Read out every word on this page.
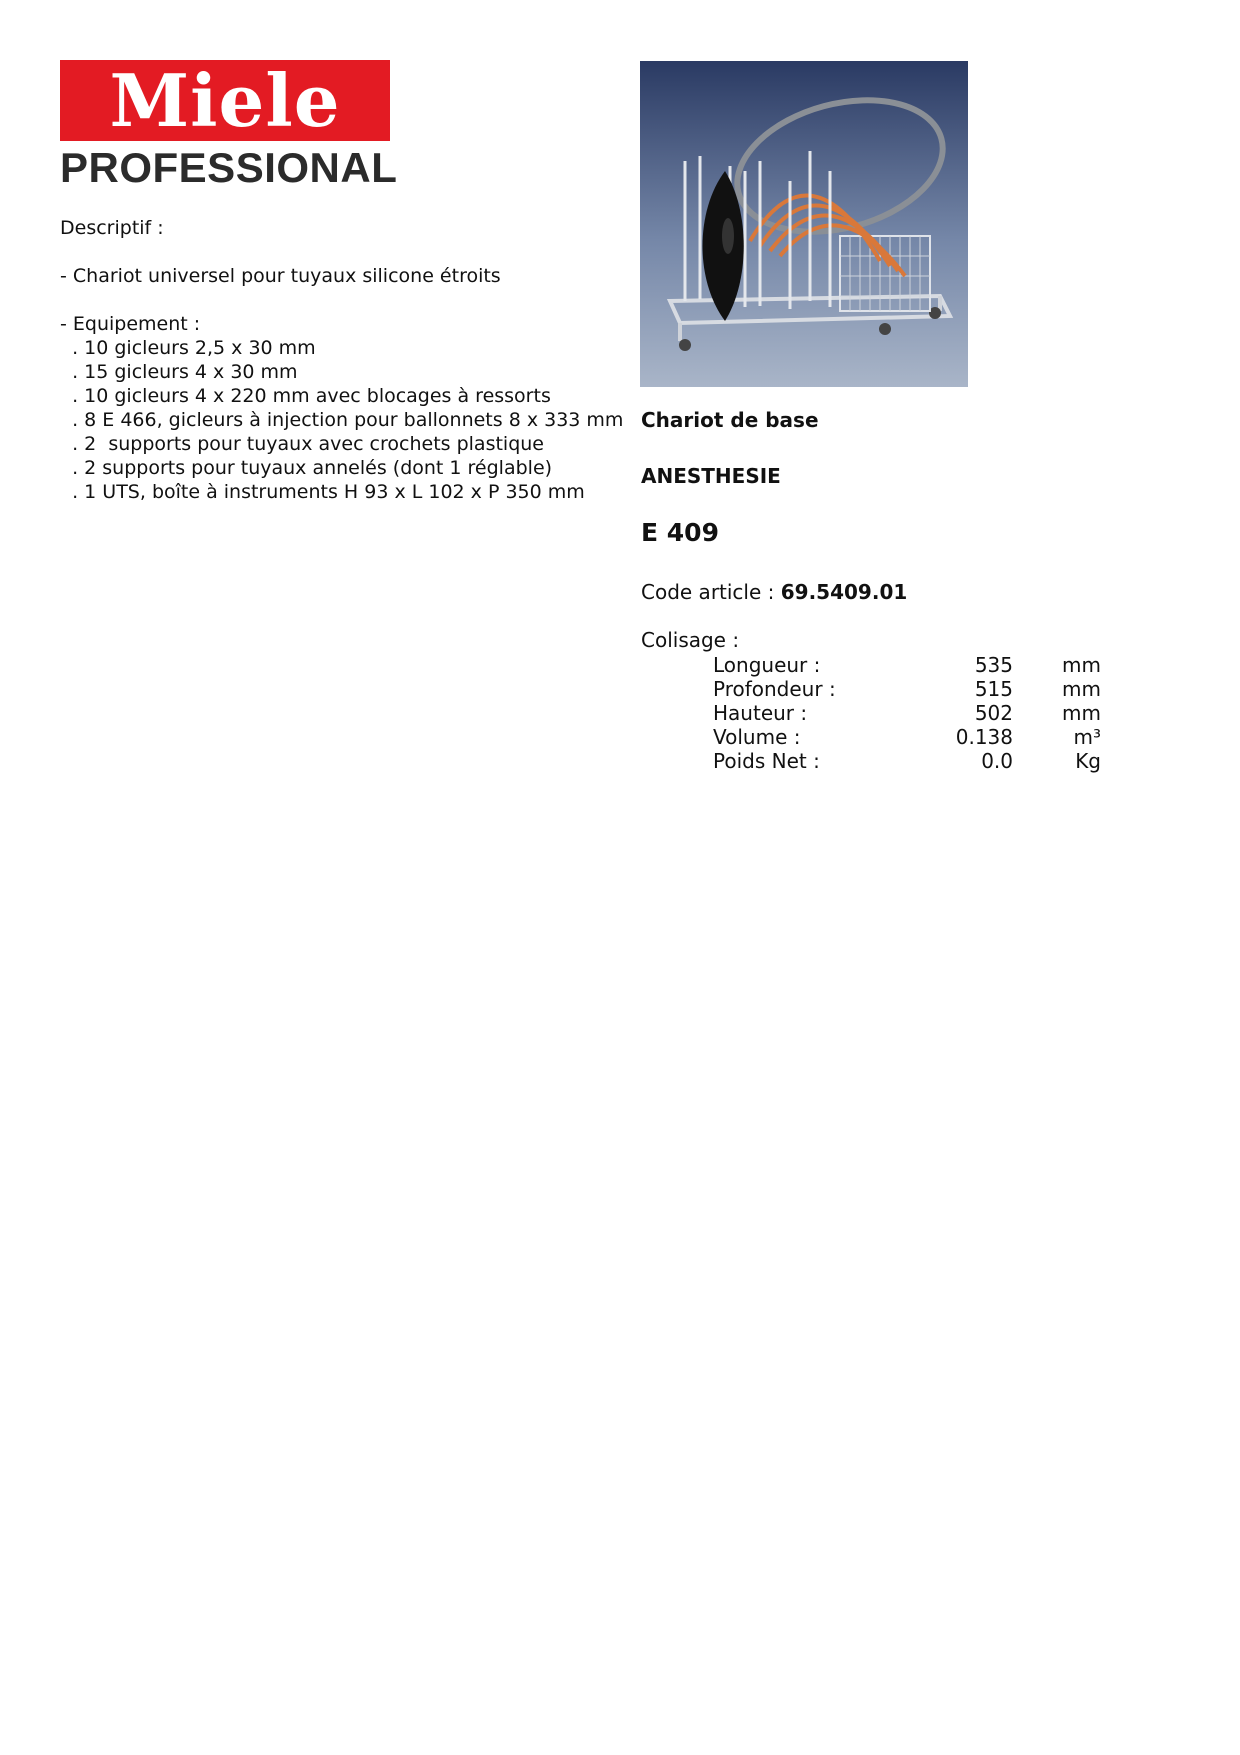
Miele
PROFESSIONAL
Descriptif :
- Chariot universel pour tuyaux silicone étroits
- Equipement :
. 10 gicleurs 2,5 x 30 mm
. 15 gicleurs 4 x 30 mm
. 10 gicleurs 4 x 220 mm avec blocages à ressorts
. 8 E 466, gicleurs à injection pour ballonnets 8 x 333 mm
. 2  supports pour tuyaux avec crochets plastique
. 2 supports pour tuyaux annelés (dont 1 réglable)
. 1 UTS, boîte à instruments H 93 x L 102 x P 350 mm
Chariot de base
ANESTHESIE
E 409
Code article : 69.5409.01
Colisage :
Longueur :	535	mm
Profondeur :	515	mm
Hauteur :	502	mm
Volume :	0.138	m³
Poids Net :	0.0	Kg
